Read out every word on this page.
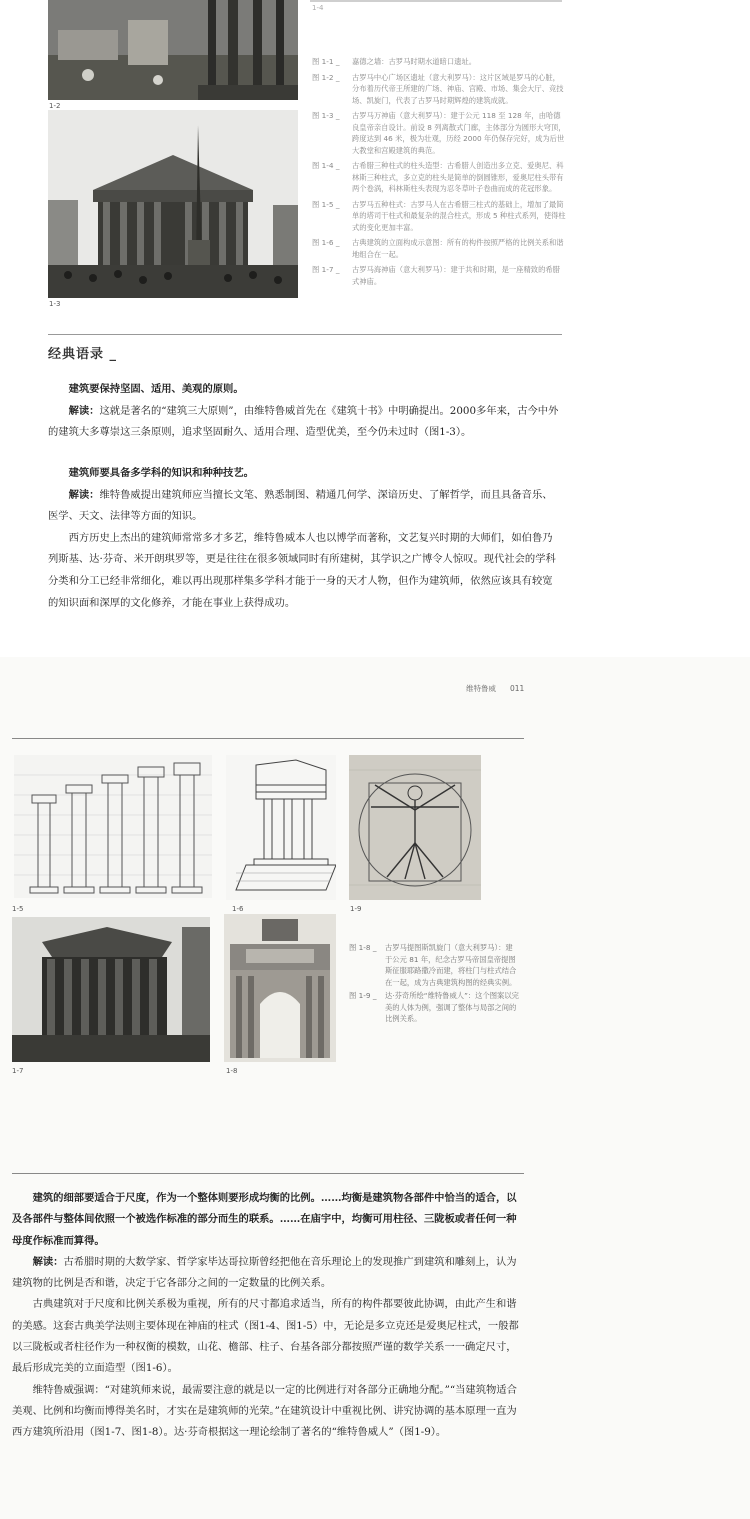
1-2
1-3
1-4
图 1-1 _	嘉德之墙：古罗马时期水道暗口遗址。
图 1-2 _	古罗马中心广场区遗址（意大利罗马）：这片区域是罗马的心脏，分布着历代帝王所建的广场、神庙、宫殿、市场、集会大厅、竞技场、凯旋门，代表了古罗马时期辉煌的建筑成就。
图 1-3 _	古罗马万神庙（意大利罗马）：建于公元 118 至 128 年，由哈德良皇帝亲自设计。前设 8 列离散式门廊，主体部分为圆形大穹顶，跨度达到 46 米，极为壮观，历经 2000 年仍保存完好，成为后世大教堂和宫殿建筑的典范。
图 1-4 _	古希腊三种柱式的柱头造型：古希腊人创造出多立克、爱奥尼、科林斯三种柱式，多立克的柱头是简单的倒圆锥形，爱奥尼柱头带有两个卷涡，科林斯柱头表现为忍冬草叶子卷曲而成的花冠形象。
图 1-5 _	古罗马五种柱式：古罗马人在古希腊三柱式的基础上，增加了最简单的塔司干柱式和最复杂的混合柱式，形成 5 种柱式系列，使得柱式的变化更加丰富。
图 1-6 _	古典建筑的立面构成示意图：所有的构件按照严格的比例关系和谐地组合在一起。
图 1-7 _	古罗马海神庙（意大利罗马）：建于共和时期，是一座精致的希腊式神庙。
经典语录 _

建筑要保持坚固、适用、美观的原则。

解读：这就是著名的“建筑三大原则”，由维特鲁威首先在《建筑十书》中明确提出。2000多年来，古今中外的建筑大多尊崇这三条原则，追求坚固耐久、适用合理、造型优美，至今仍未过时（图1-3）。

建筑师要具备多学科的知识和种种技艺。

解读：维特鲁威提出建筑师应当擅长文笔、熟悉制图、精通几何学、深谙历史、了解哲学，而且具备音乐、医学、天文、法律等方面的知识。

西方历史上杰出的建筑师常常多才多艺，维特鲁威本人也以博学而著称，文艺复兴时期的大师们，如伯鲁乃列斯基、达·芬奇、米开朗琪罗等，更是往往在很多领域同时有所建树，其学识之广博令人惊叹。现代社会的学科分类和分工已经非常细化，难以再出现那样集多学科才能于一身的天才人物，但作为建筑师，依然应该具有较宽的知识面和深厚的文化修养，才能在事业上获得成功。

维特鲁威 011
1-5	1-6	1-9
1-7	1-8
图 1-8 _	古罗马提图斯凯旋门（意大利罗马）：建于公元 81 年，纪念古罗马帝国皇帝提图斯征服耶路撒冷而建，将柱门与柱式结合在一起，成为古典建筑构图的经典实例。
图 1-9 _	达·芬奇所绘“维特鲁威人”：这个图案以完美的人体为例，强调了整体与局部之间的比例关系。

建筑的细部要适合于尺度，作为一个整体则要形成均衡的比例。……均衡是建筑物各部件中恰当的适合，以及各部件与整体间依照一个被选作标准的部分而生的联系。……在庙宇中，均衡可用柱径、三陇板或者任何一种母度作标准而算得。

解读：古希腊时期的大数学家、哲学家毕达哥拉斯曾经把他在音乐理论上的发现推广到建筑和雕刻上，认为建筑物的比例是否和谐，决定于它各部分之间的一定数量的比例关系。

古典建筑对于尺度和比例关系极为重视，所有的尺寸都追求适当，所有的构件都要彼此协调，由此产生和谐的美感。这套古典美学法则主要体现在神庙的柱式（图1-4、图1-5）中，无论是多立克还是爱奥尼柱式，一般都以三陇板或者柱径作为一种权衡的模数，山花、檐部、柱子、台基各部分都按照严谨的数学关系一一确定尺寸，最后形成完美的立面造型（图1-6）。

维特鲁威强调：“对建筑师来说，最需要注意的就是以一定的比例进行对各部分正确地分配。”“当建筑物适合美观、比例和均衡而博得美名时，才实在是建筑师的光荣。”在建筑设计中重视比例、讲究协调的基本原理一直为西方建筑所沿用（图1-7、图1-8）。达·芬奇根据这一理论绘制了著名的“维特鲁威人”（图1-9）。
